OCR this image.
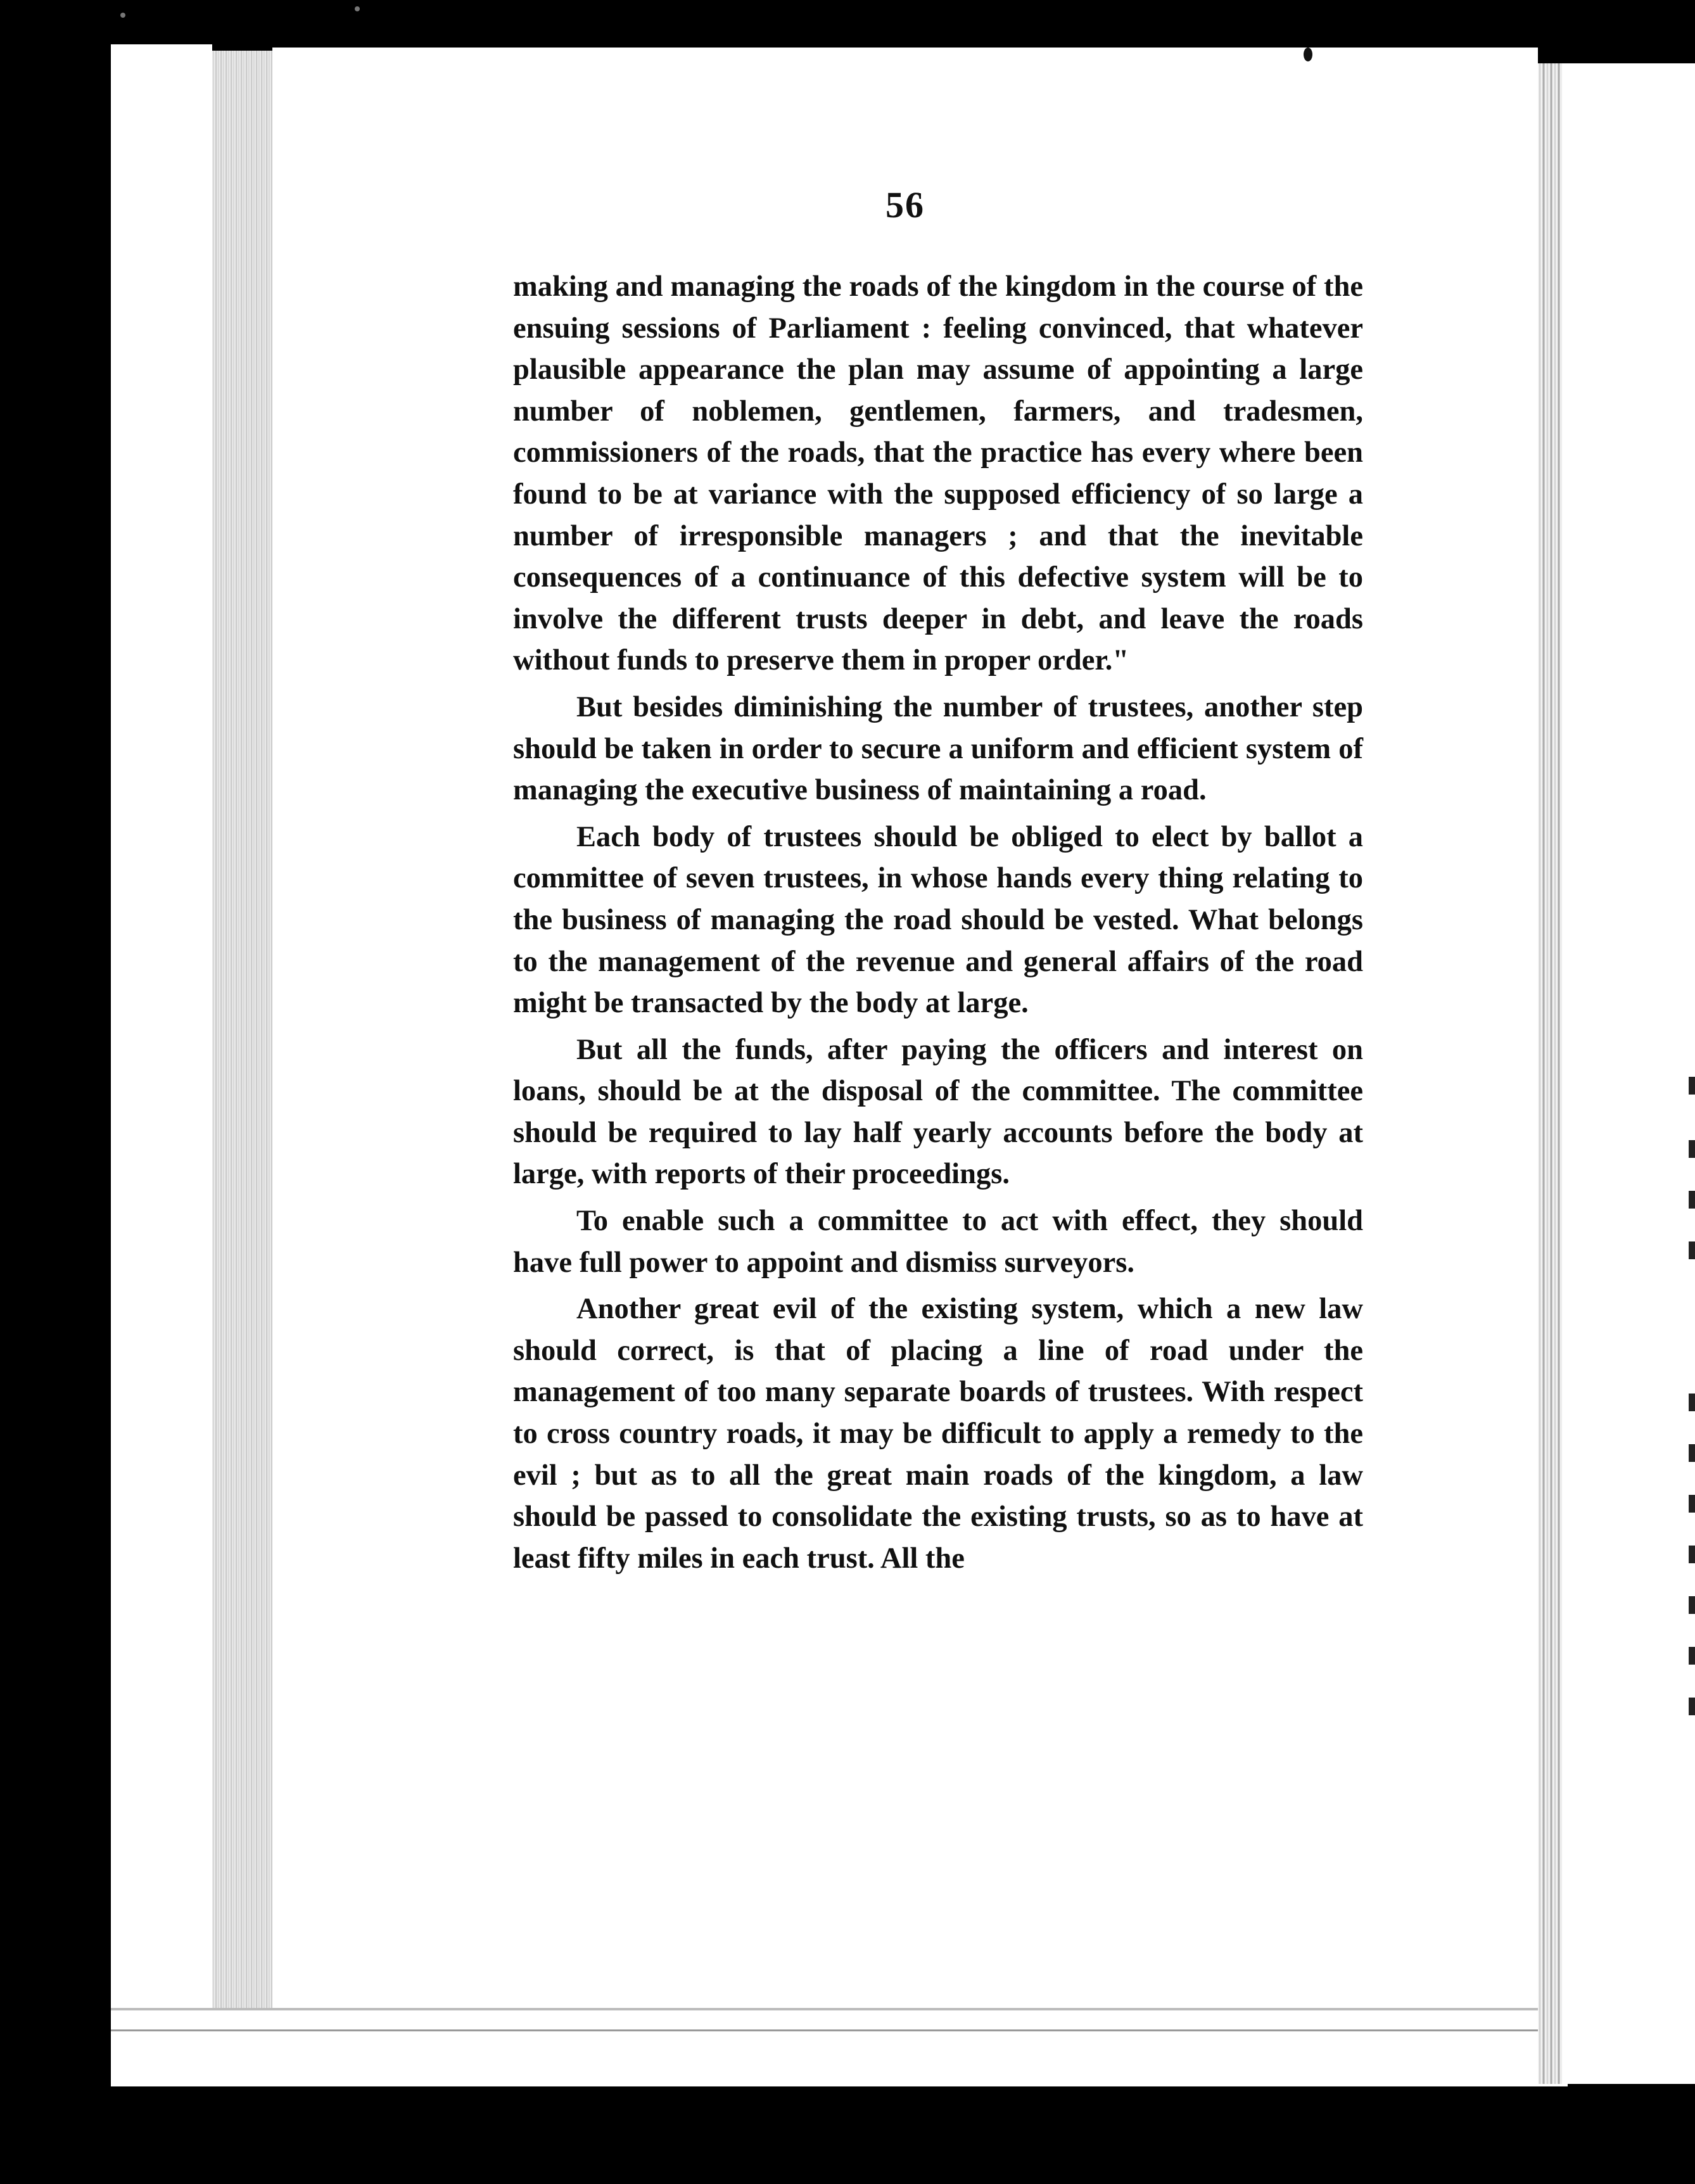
56

making and managing the roads of the kingdom in the course of the ensuing sessions of Parliament : feeling convinced, that whatever plausible appearance the plan may assume of appointing a large number of noblemen, gentlemen, farmers, and tradesmen, commissioners of the roads, that the practice has every where been found to be at variance with the supposed efficiency of so large a number of irresponsible managers ; and that the inevitable consequences of a continuance of this defective system will be to involve the different trusts deeper in debt, and leave the roads without funds to preserve them in proper order."

But besides diminishing the number of trustees, another step should be taken in order to secure a uniform and efficient system of managing the executive business of maintaining a road.

Each body of trustees should be obliged to elect by ballot a committee of seven trustees, in whose hands every thing relating to the business of managing the road should be vested. What belongs to the management of the revenue and general affairs of the road might be transacted by the body at large.

But all the funds, after paying the officers and interest on loans, should be at the disposal of the committee. The committee should be required to lay half yearly accounts before the body at large, with reports of their proceedings.

To enable such a committee to act with effect, they should have full power to appoint and dismiss surveyors.

Another great evil of the existing system, which a new law should correct, is that of placing a line of road under the management of too many separate boards of trustees. With respect to cross country roads, it may be difficult to apply a remedy to the evil ; but as to all the great main roads of the kingdom, a law should be passed to consolidate the existing trusts, so as to have at least fifty miles in each trust. All the
